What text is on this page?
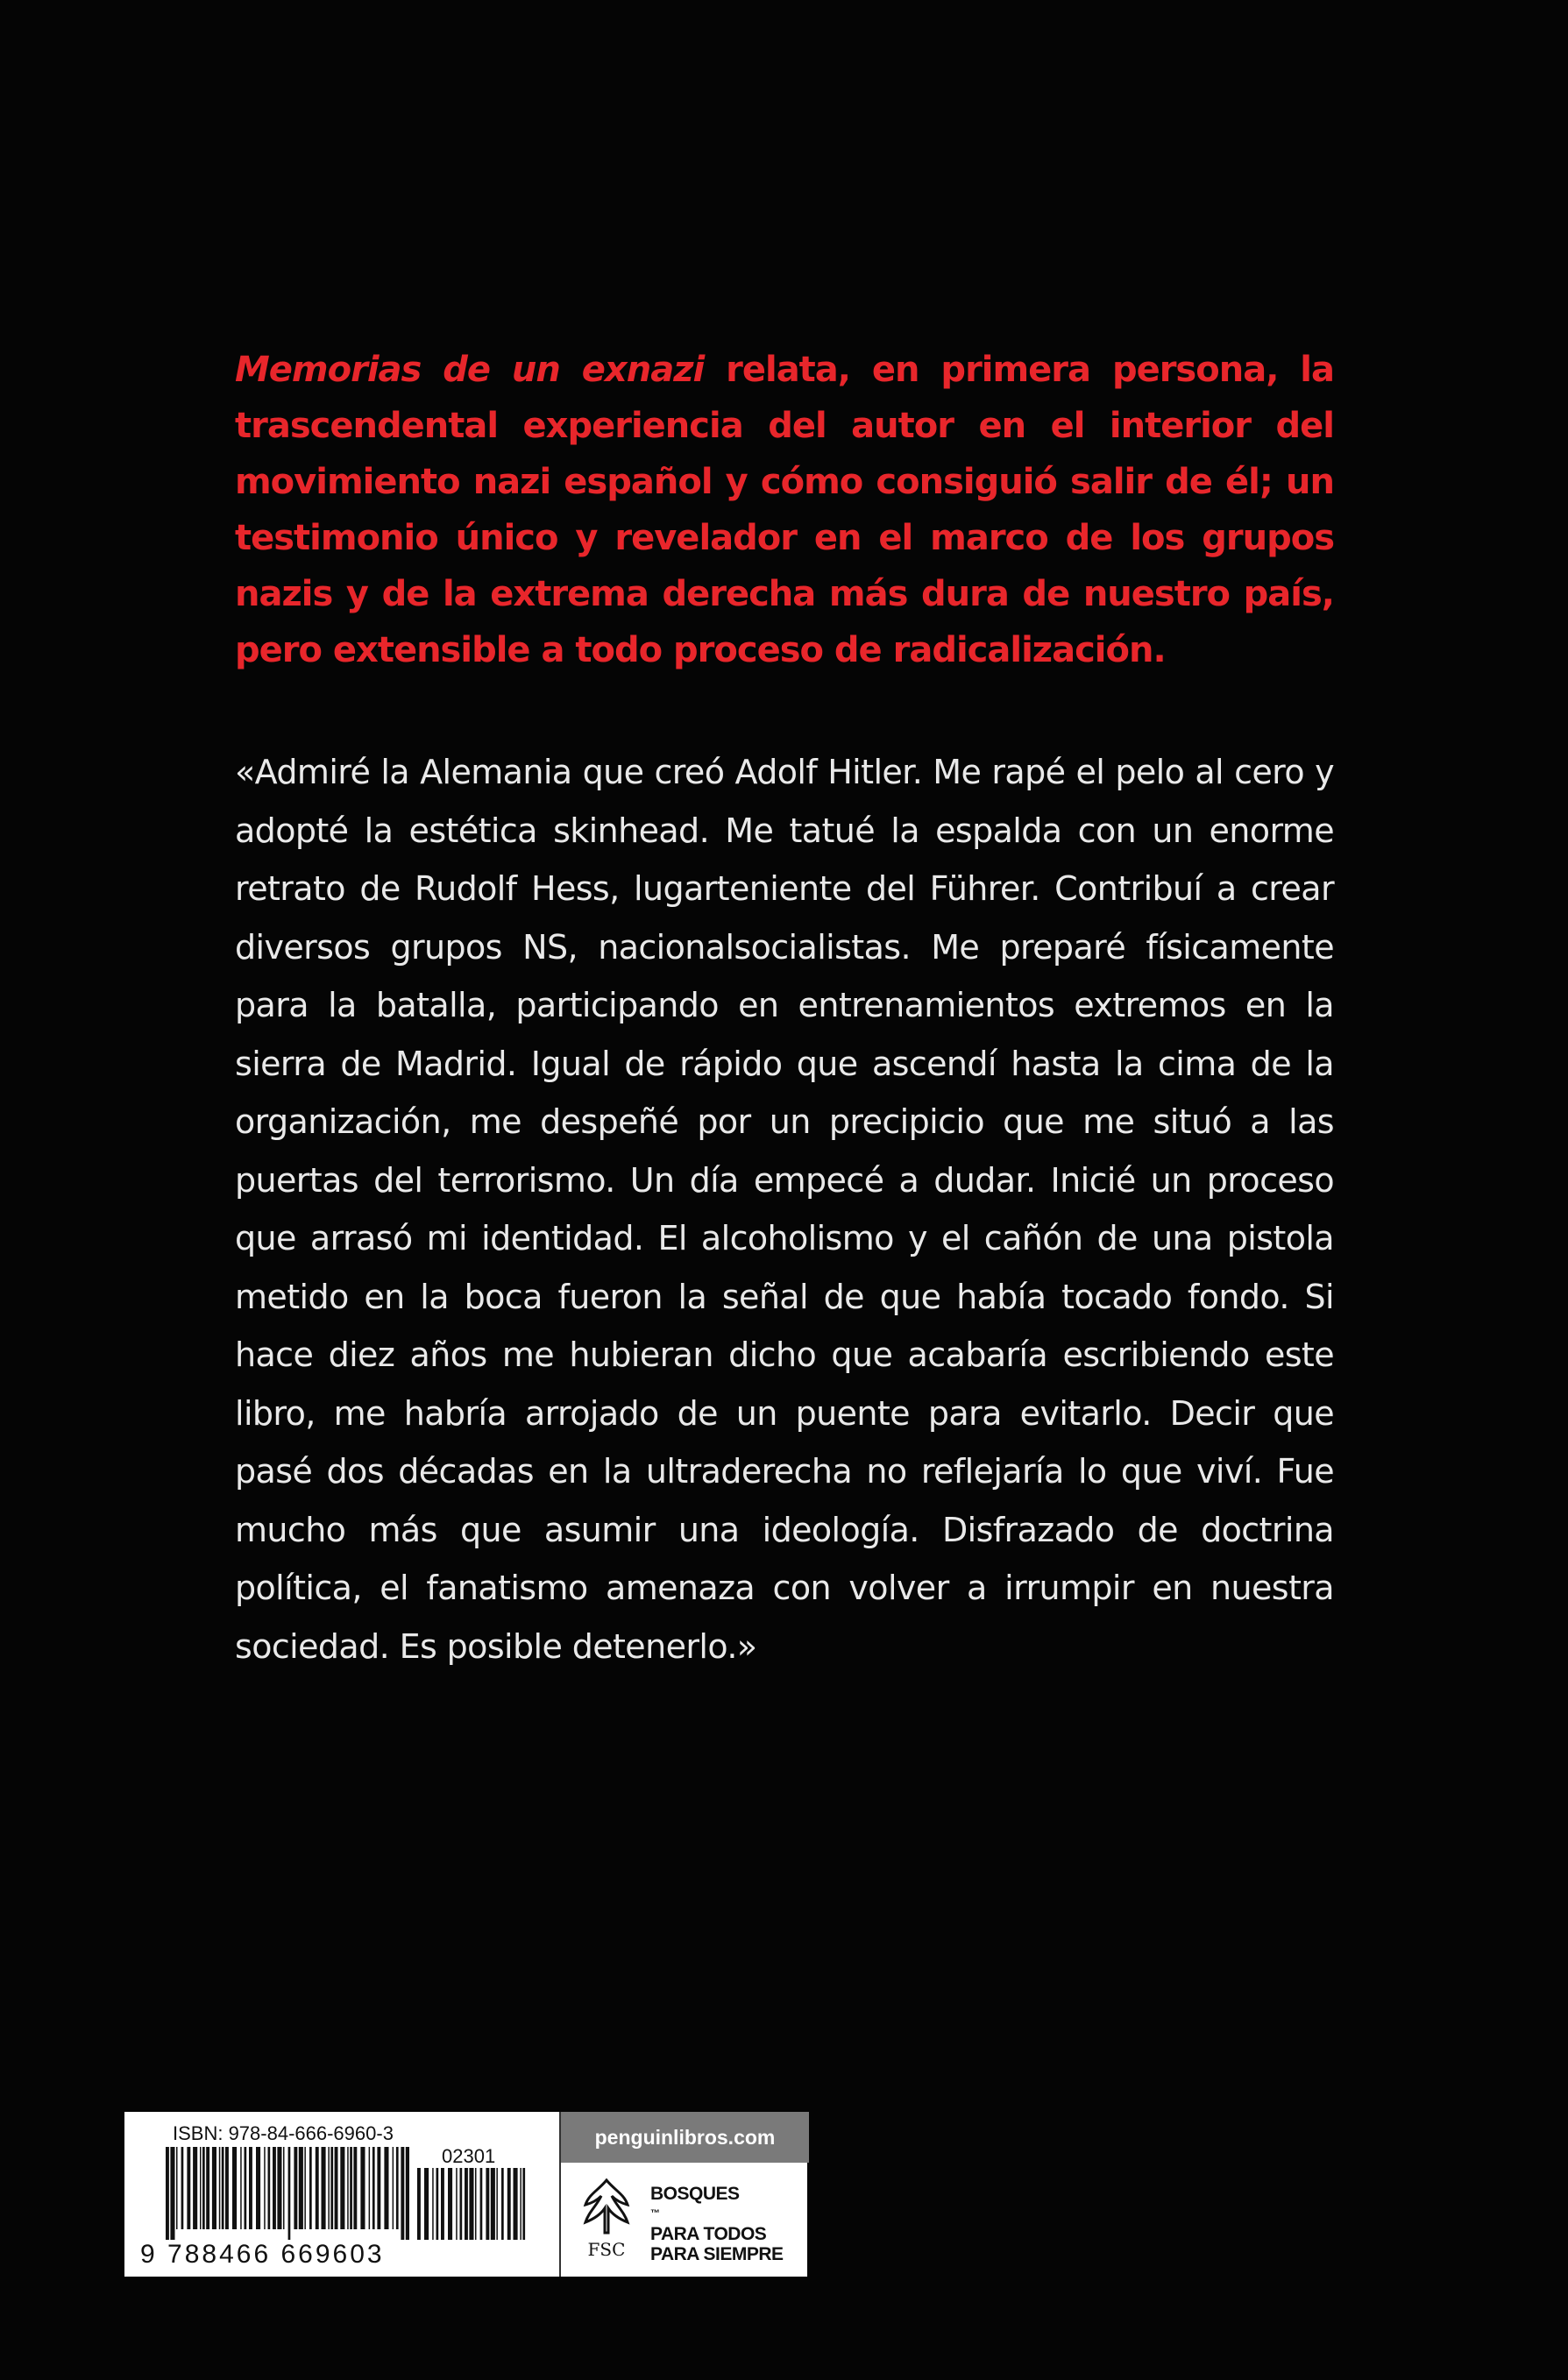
Memorias de un exnazi relata, en primera persona, la trascendental experiencia del autor en el interior del movimiento nazi español y cómo consiguió salir de él; un testimonio único y revelador en el marco de los grupos nazis y de la extrema derecha más dura de nuestro país, pero extensible a todo proceso de radicalización.

«Admiré la Alemania que creó Adolf Hitler. Me rapé el pelo al cero y adopté la estética skinhead. Me tatué la espalda con un enorme retrato de Rudolf Hess, lugarteniente del Führer. Contribuí a crear diversos grupos NS, nacionalsocialistas. Me preparé físicamente para la batalla, participando en entrenamientos extremos en la sierra de Madrid. Igual de rápido que ascendí hasta la cima de la organización, me despeñé por un precipicio que me situó a las puertas del terrorismo. Un día empecé a dudar. Inicié un proceso que arrasó mi identidad. El alcoholismo y el cañón de una pistola metido en la boca fueron la señal de que había tocado fondo. Si hace diez años me hubieran dicho que acabaría escribiendo este libro, me habría arrojado de un puente para evitarlo. Decir que pasé dos décadas en la ultraderecha no reflejaría lo que viví. Fue mucho más que asumir una ideología. Disfrazado de doctrina política, el fanatismo amenaza con volver a irrumpir en nuestra sociedad. Es posible detenerlo.»

ISBN: 978-84-666-6960-3
02301
9 788466 669603
penguinlibros.com
FSC
BOSQUES
™
PARA TODOS
PARA SIEMPRE
